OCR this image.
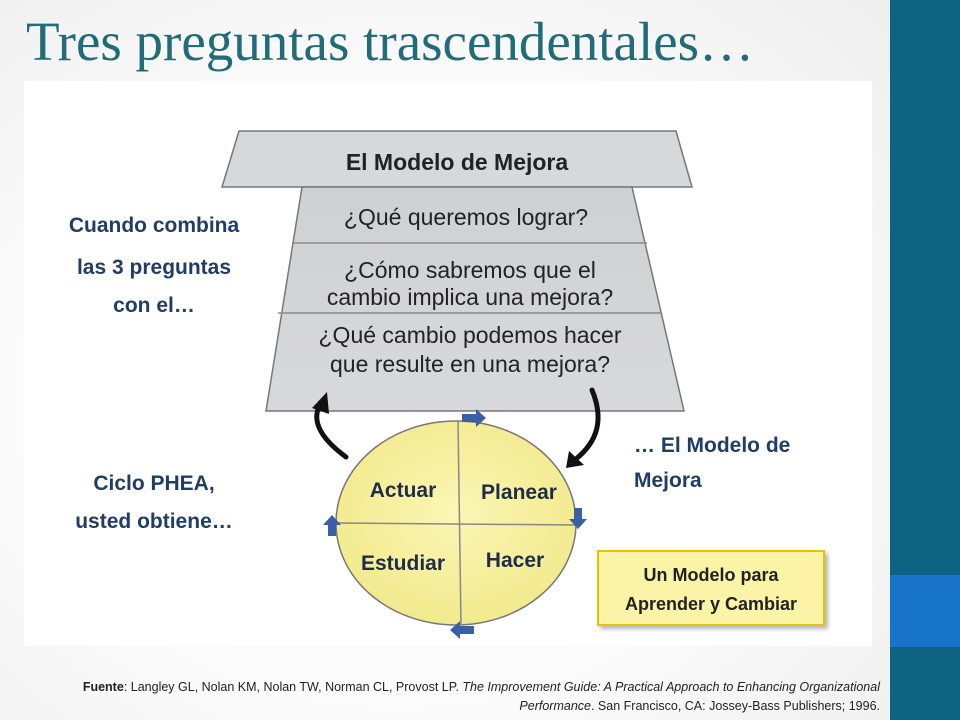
Tres preguntas trascendentales…
El Modelo de Mejora
¿Qué queremos lograr?
¿Cómo sabremos que el
cambio implica una mejora?
¿Qué cambio podemos hacer
que resulte en una mejora?
Cuando combina
las 3 preguntas
con el…
Ciclo PHEA,
usted obtiene…
… El Modelo de
Mejora
Actuar Planear
Estudiar Hacer
Un Modelo para
Aprender y Cambiar
Fuente: Langley GL, Nolan KM, Nolan TW, Norman CL, Provost LP. The Improvement Guide: A Practical Approach to Enhancing Organizational Performance. San Francisco, CA: Jossey-Bass Publishers; 1996.
